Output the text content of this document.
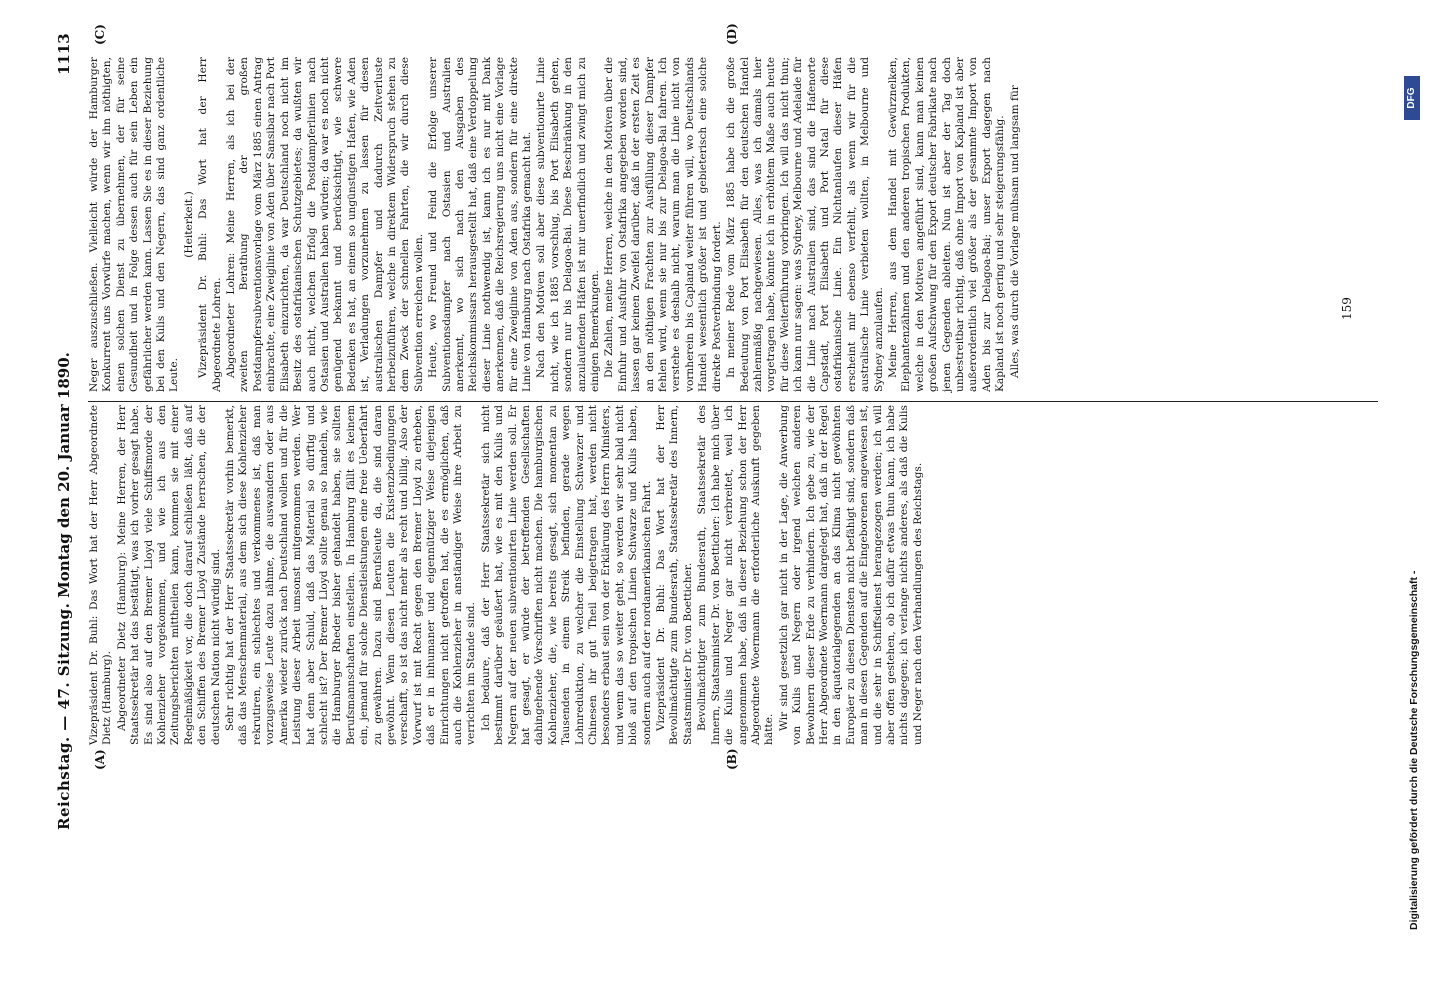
Reichstag. — 47. Sitzung.
Montag den 20. Januar 1890.
1113
(A)	(B)
(C)	(D)

Vizepräsident Dr. Buhl: Das Wort hat der Herr Abgeordnete Dietz (Hamburg). Abgeordneter Dietz (Hamburg): Meine Herren, der Herr Staatssekretär hat das bestätigt, was ich vorher gesagt habe. Es sind also auf den Bremer Lloyd viele Schiffsmorde der Kohlenzieher vorgekommen, und wie ich aus den Zeitungsberichten mittheilen kann, kommen sie mit einer Regelmäßigkeit vor, die doch darauf schließen läßt, daß auf den Schiffen des Bremer Lloyd Zustände herrschen, die der deutschen Nation nicht würdig sind. Sehr richtig hat der Herr Staatssekretär vorhin bemerkt, daß das Menschenmaterial, aus dem sich diese Kohlenzieher rekrutiren, ein schlechtes und verkommenes ist, daß man vorzugsweise Leute dazu nähme, die auswandern oder aus Amerika wieder zurück nach Deutschland wollen und für die Leistung dieser Arbeit umsonst mitgenommen werden. Wer hat denn aber Schuld, daß das Material so dürftig und schlecht ist? Der Bremer Lloyd sollte genau so handeln, wie die Hamburger Rheder bisher gehandelt haben, sie sollten Berufsmannschaften einstellen. In Hamburg fällt es keinem ein, jemand für solche Dienstleistungen eine freie Ueberfahrt zu gewähren. Dazu sind Berufsleute da, die sind daran gewöhnt. Wenn diesen Leuten die Existenzbedingungen verschafft, so ist das nicht mehr als recht und billig. Also der Vorwurf ist mit Recht gegen den Bremer Lloyd zu erheben, daß er in inhumaner und eigennütziger Weise diejenigen Einrichtungen nicht getroffen hat, die es ermöglichen, daß auch die Kohlenzieher in anständiger Weise ihre Arbeit zu verrichten im Stande sind. Ich bedaure, daß der Herr Staatssekretär sich nicht bestimmt darüber geäußert hat, wie es mit den Kulis und Negern auf der neuen subventionirten Linie werden soll. Er hat gesagt, er würde der betreffenden Gesellschaften dahingehende Vorschriften nicht machen. Die hamburgischen Kohlenzieher, die, wie bereits gesagt, sich momentan zu Tausenden in einem Streik befinden, gerade wegen Lohnreduktion, zu welcher die Einstellung Schwarzer und Chinesen ihr gut Theil beigetragen hat, werden nicht besonders erbaut sein von der Erklärung des Herrn Ministers, und wenn das so weiter geht, so werden wir sehr bald nicht bloß auf den tropischen Linien Schwarze und Kulis haben, sondern auch auf der nordamerikanischen Fahrt. Vizepräsident Dr. Buhl: Das Wort hat der Herr Bevollmächtigte zum Bundesrath, Staatssekretär des Innern, Staatsminister Dr. von Boetticher. Bevollmächtigter zum Bundesrath, Staatssekretär des Innern, Staatsminister Dr. von Boetticher: Ich habe mich über die Kulis und Neger gar nicht verbreitet, weil ich angenommen habe, daß in dieser Beziehung schon der Herr Abgeordnete Woermann die erforderliche Auskunft gegeben hätte. Wir sind gesetzlich gar nicht in der Lage, die Anwerbung von Kulis und Negern oder irgend welchen anderen Bewohnern dieser Erde zu verhindern. Ich gebe zu, wie der Herr Abgeordnete Woermann dargelegt hat, daß in der Regel in den äquatorialgegenden an das Klima nicht gewöhnten Europäer zu diesen Diensten nicht befähigt sind, sondern daß man in diesen Gegenden auf die Eingeborenen angewiesen ist, und die sehr in Schiffsdienst herangezogen werden; ich will aber offen gestehen, ob ich dafür etwas thun kann, ich habe nichts dagegen; ich verlange nichts anderes, als daß die Kulis und Neger nach den Verhandlungen des Reichstags.

Neger auszuschließen. Vielleicht würde der Hamburger Konkurrent uns Vorwürfe machen, wenn wir ihn nöthigten, einen solchen Dienst zu übernehmen, der für seine Gesundheit und in Folge dessen auch für sein Leben ein gefährlicher werden kann. Lassen Sie es in dieser Beziehung bei den Kulis und den Negern, das sind ganz ordentliche Leute.

(Heiterkeit.) Vizepräsident Dr. Buhl: Das Wort hat der Herr Abgeordnete Lohren. Abgeordneter Lohren: Meine Herren, als ich bei der zweiten Berathung der großen Postdampfersubventionsvorlage vom März 1885 einen Antrag einbrachte, eine Zweiglinie von Aden über Sansibar nach Port Elisabeth einzurichten, da war Deutschland noch nicht im Besitz des ostafrikanischen Schutzgebietes; da wußten wir auch nicht, welchen Erfolg die Postdampferlinien nach Ostasien und Australien haben würden; da war es noch nicht genügend bekannt und berücksichtigt, wie schwere Bedenken es hat, an einem so ungünstigen Hafen, wie Aden ist, Verladungen vorzunehmen zu lassen für diesen australischen Dampfer und dadurch Zeitverluste herbeizuführen, welche in direktem Widerspruch stehen zu dem Zweck der schnellen Fahrten, die wir durch diese Subvention erreichen wollen. Heute, wo Freund und Feind die Erfolge unserer Subventionsdampfer nach Ostasien und Australien anerkennt, wo sich nach den Ausgaben des Reichskommissars herausgestellt hat, daß eine Verdoppelung dieser Linie nothwendig ist, kann ich es nur mit Dank anerkennen, daß die Reichsregierung uns nicht eine Vorlage für eine Zweiglinie von Aden aus, sondern für eine direkte Linie von Hamburg nach Ostafrika gemacht hat. Nach den Motiven soll aber diese subventionirte Linie nicht, wie ich 1885 vorschlug, bis Port Elisabeth gehen, sondern nur bis Delagoa-Bai. Diese Beschränkung in den anzulaufenden Häfen ist mir unerfindlich und zwingt mich zu einigen Bemerkungen. Die Zahlen, meine Herren, welche in den Motiven über die Einfuhr und Ausfuhr von Ostafrika angegeben worden sind, lassen gar keinen Zweifel darüber, daß in der ersten Zeit es an den nöthigen Frachten zur Ausfüllung dieser Dampfer fehlen wird, wenn sie nur bis zur Delagoa-Bai fahren. Ich verstehe es deshalb nicht, warum man die Linie nicht von vornherein bis Capland weiter führen will, wo Deutschlands Handel wesentlich größer ist und gebieterisch eine solche direkte Postverbindung fordert. In meiner Rede vom März 1885 habe ich die große Bedeutung von Port Elisabeth für den deutschen Handel zahlenmäßig nachgewiesen. Alles, was ich damals hier vorgetragen habe, könnte ich in erhöhtem Maße auch heute für diese Weiterführung vorbringen. Ich will das nicht thun; ich kann nur sagen: was Sydney, Melbourne und Adelaide für die Linie nach Australien sind, das sind die Hafenorte Capstadt, Port Elisabeth und Port Natal für diese ostafrikanische Linie. Ein Nichtanlaufen dieser Häfen erscheint mir ebenso verfehlt, als wenn wir für die australische Linie verbieten wollten, in Melbourne und Sydney anzulaufen. Meine Herren, aus dem Handel mit Gewürznelken, Elephantenzähnen und den anderen tropischen Produkten, welche in den Motiven angeführt sind, kann man keinen großen Aufschwung für den Export deutscher Fabrikate nach jenen Gegenden ableiten. Nun ist aber der Tag doch unbestreitbar richtig, daß ohne Import von Kapland ist aber außerordentlich viel größer als der gesammte Import von Aden bis zur Delagoa-Bai; unser Export dagegen nach Kapland ist noch gering und sehr steigerungsfähig. Alles, was durch die Vorlage mühsam und langsam für	159
Digitalisierung gefördert durch die Deutsche Forschungsgemeinschaft -
DFG
